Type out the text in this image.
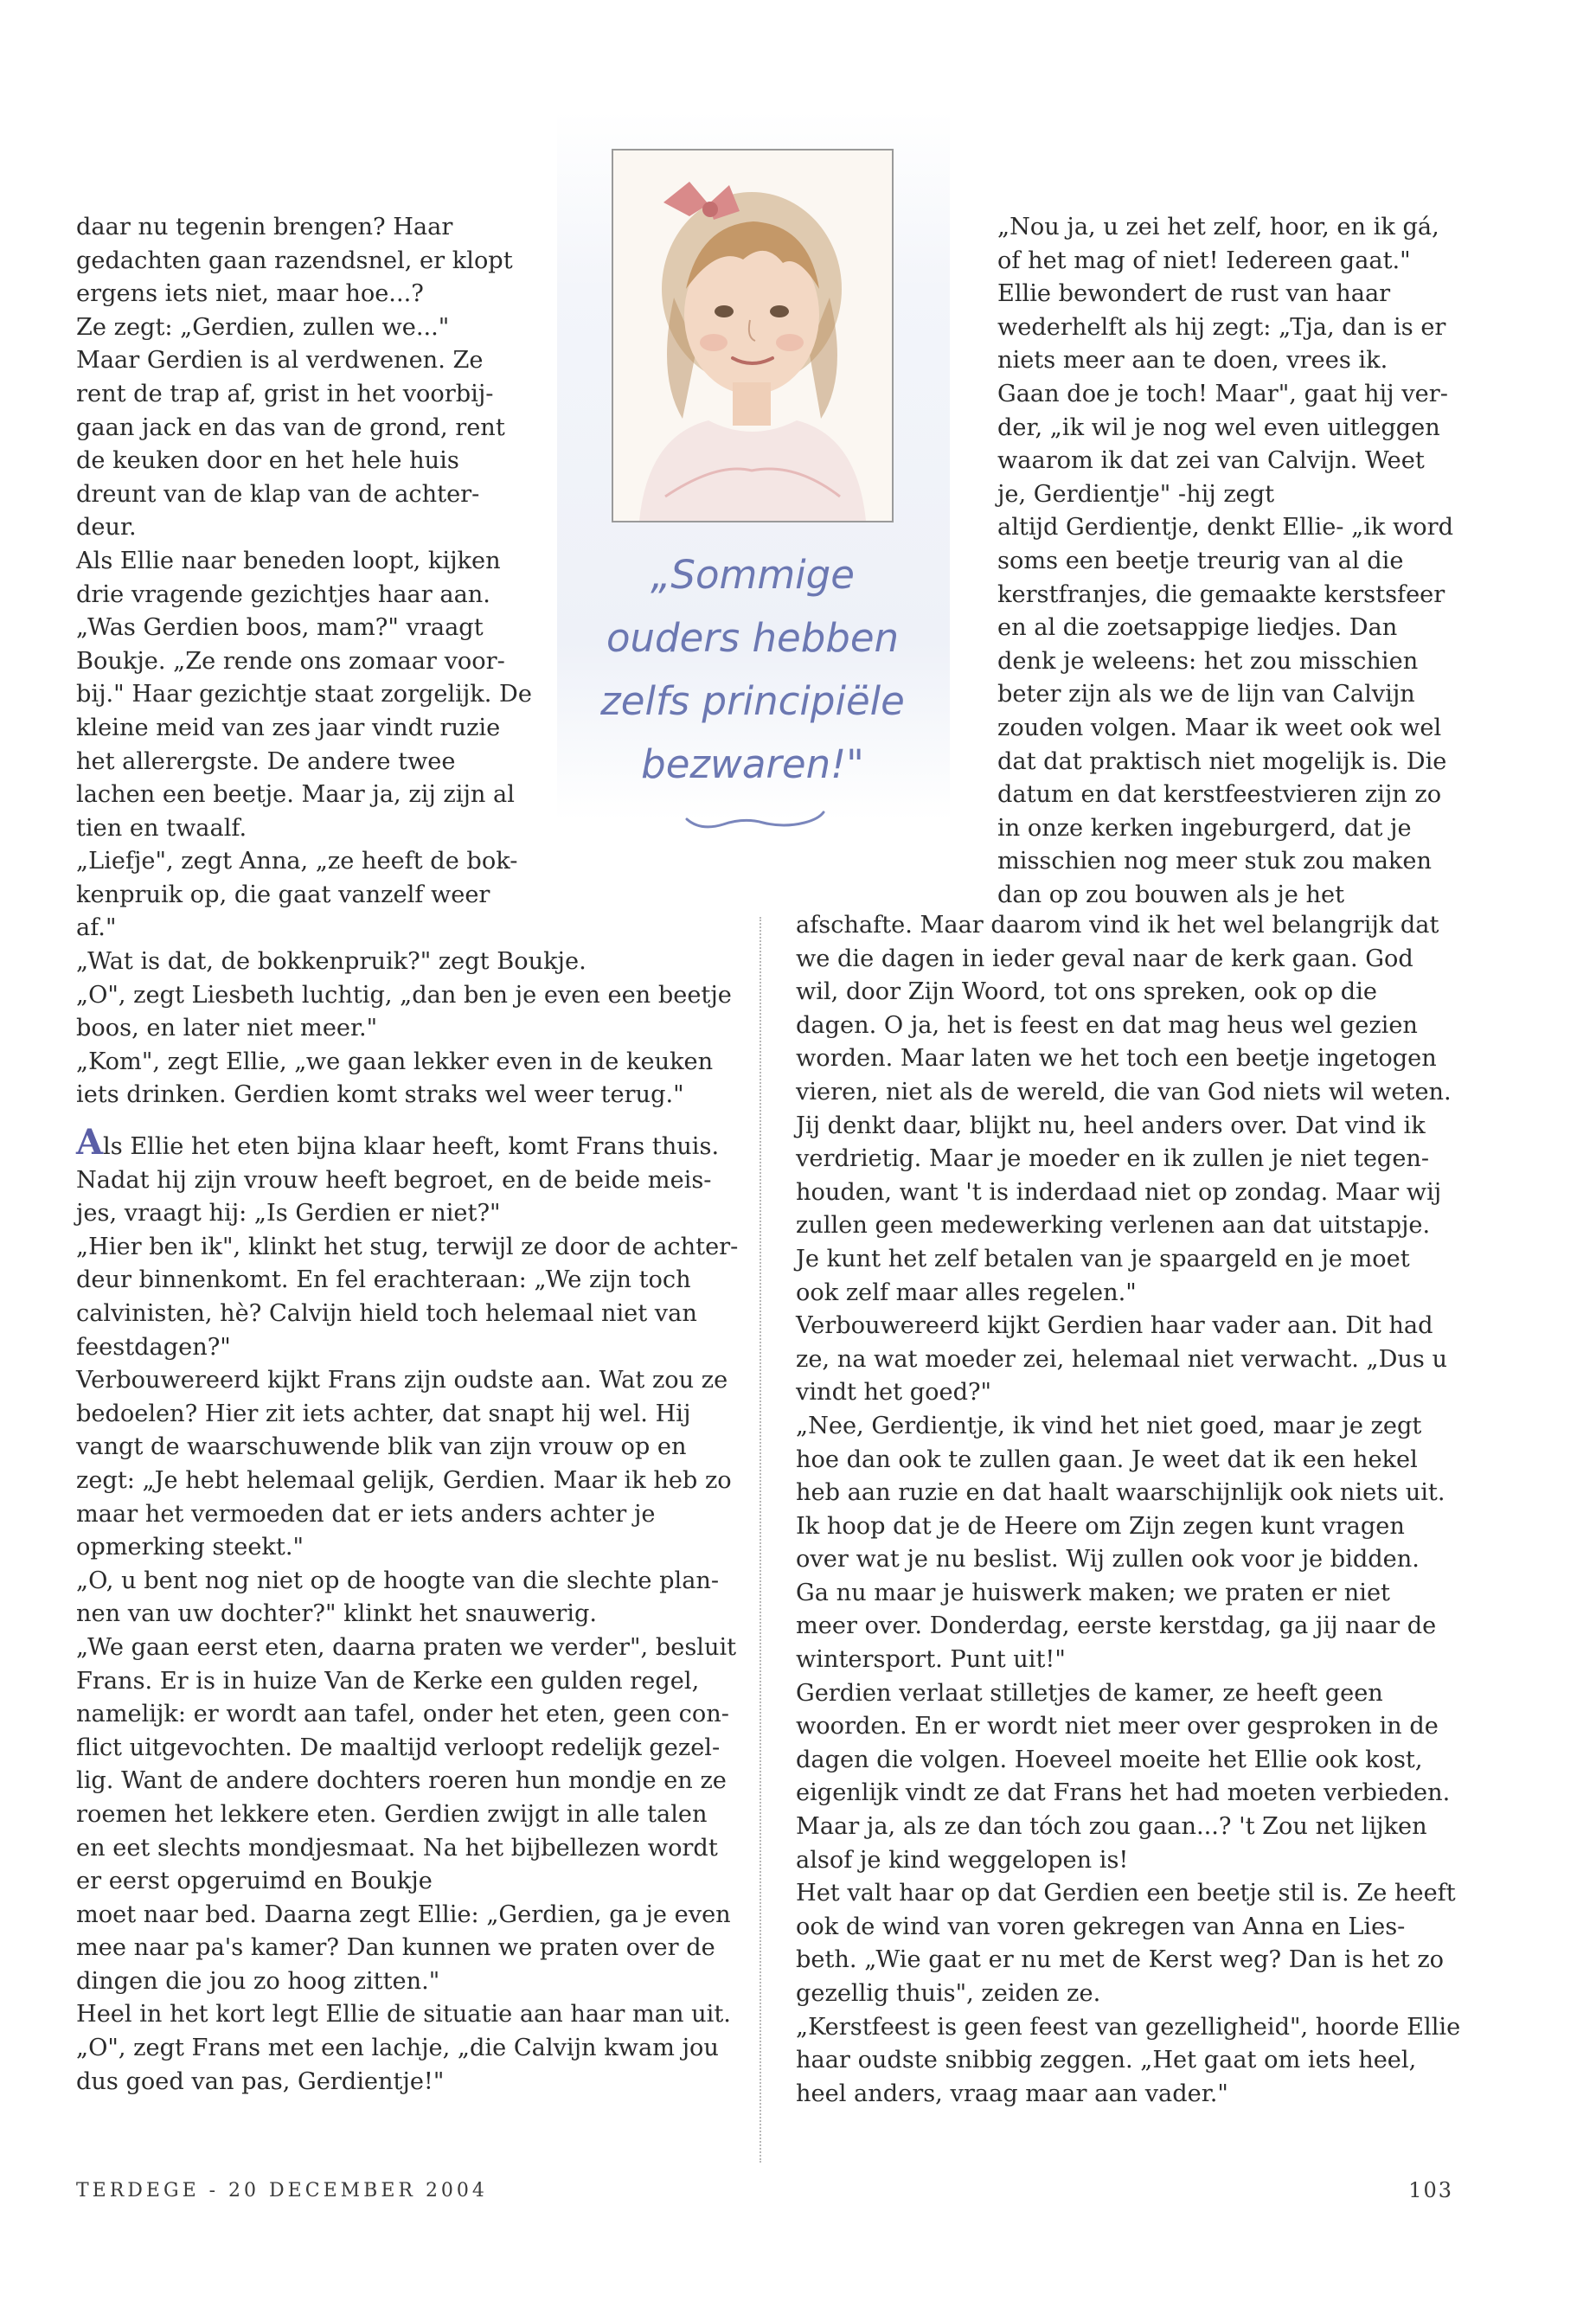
„Sommige
ouders hebben
zelfs principiële
bezwaren!"

daar nu tegenin brengen? Haar
gedachten gaan razendsnel, er klopt
ergens iets niet, maar hoe...?

Ze zegt: „Gerdien, zullen we..."

Maar Gerdien is al verdwenen. Ze
rent de trap af, grist in het voorbij-
gaan jack en das van de grond, rent
de keuken door en het hele huis
dreunt van de klap van de achter-
deur.

Als Ellie naar beneden loopt, kijken
drie vragende gezichtjes haar aan.

„Was Gerdien boos, mam?" vraagt
Boukje. „Ze rende ons zomaar voor-
bij." Haar gezichtje staat zorgelijk. De
kleine meid van zes jaar vindt ruzie
het allerergste. De andere twee
lachen een beetje. Maar ja, zij zijn al
tien en twaalf.

„Liefje", zegt Anna, „ze heeft de bok-
kenpruik op, die gaat vanzelf weer
af."

„Wat is dat, de bokkenpruik?" zegt Boukje.

„O", zegt Liesbeth luchtig, „dan ben je even een beetje
boos, en later niet meer."

„Kom", zegt Ellie, „we gaan lekker even in de keuken
iets drinken. Gerdien komt straks wel weer terug."

Als Ellie het eten bijna klaar heeft, komt Frans thuis.
Nadat hij zijn vrouw heeft begroet, en de beide meis-
jes, vraagt hij: „Is Gerdien er niet?"

„Hier ben ik", klinkt het stug, terwijl ze door de achter-
deur binnenkomt. En fel erachteraan: „We zijn toch
calvinisten, hè? Calvijn hield toch helemaal niet van
feestdagen?"

Verbouwereerd kijkt Frans zijn oudste aan. Wat zou ze
bedoelen? Hier zit iets achter, dat snapt hij wel. Hij
vangt de waarschuwende blik van zijn vrouw op en
zegt: „Je hebt helemaal gelijk, Gerdien. Maar ik heb zo
maar het vermoeden dat er iets anders achter je
opmerking steekt."

„O, u bent nog niet op de hoogte van die slechte plan-
nen van uw dochter?" klinkt het snauwerig.

„We gaan eerst eten, daarna praten we verder", besluit
Frans. Er is in huize Van de Kerke een gulden regel,
namelijk: er wordt aan tafel, onder het eten, geen con-
flict uitgevochten. De maaltijd verloopt redelijk gezel-
lig. Want de andere dochters roeren hun mondje en ze
roemen het lekkere eten. Gerdien zwijgt in alle talen
en eet slechts mondjesmaat. Na het bijbellezen wordt
er eerst opgeruimd en Boukje
moet naar bed. Daarna zegt Ellie: „Gerdien, ga je even
mee naar pa's kamer? Dan kunnen we praten over de
dingen die jou zo hoog zitten."

Heel in het kort legt Ellie de situatie aan haar man uit.

„O", zegt Frans met een lachje, „die Calvijn kwam jou
dus goed van pas, Gerdientje!"

„Nou ja, u zei het zelf, hoor, en ik gá,
of het mag of niet! Iedereen gaat."

Ellie bewondert de rust van haar
wederhelft als hij zegt: „Tja, dan is er
niets meer aan te doen, vrees ik.
Gaan doe je toch! Maar", gaat hij ver-
der, „ik wil je nog wel even uitleggen
waarom ik dat zei van Calvijn. Weet
je, Gerdientje" -hij zegt
altijd Gerdientje, denkt Ellie- „ik word
soms een beetje treurig van al die
kerstfranjes, die gemaakte kerstsfeer
en al die zoetsappige liedjes. Dan
denk je weleens: het zou misschien
beter zijn als we de lijn van Calvijn
zouden volgen. Maar ik weet ook wel
dat dat praktisch niet mogelijk is. Die
datum en dat kerstfeestvieren zijn zo
in onze kerken ingeburgerd, dat je
misschien nog meer stuk zou maken
dan op zou bouwen als je het

afschafte. Maar daarom vind ik het wel belangrijk dat
we die dagen in ieder geval naar de kerk gaan. God
wil, door Zijn Woord, tot ons spreken, ook op die
dagen. O ja, het is feest en dat mag heus wel gezien
worden. Maar laten we het toch een beetje ingetogen
vieren, niet als de wereld, die van God niets wil weten.
Jij denkt daar, blijkt nu, heel anders over. Dat vind ik
verdrietig. Maar je moeder en ik zullen je niet tegen-
houden, want 't is inderdaad niet op zondag. Maar wij
zullen geen medewerking verlenen aan dat uitstapje.
Je kunt het zelf betalen van je spaargeld en je moet
ook zelf maar alles regelen."

Verbouwereerd kijkt Gerdien haar vader aan. Dit had
ze, na wat moeder zei, helemaal niet verwacht. „Dus u
vindt het goed?"

„Nee, Gerdientje, ik vind het niet goed, maar je zegt
hoe dan ook te zullen gaan. Je weet dat ik een hekel
heb aan ruzie en dat haalt waarschijnlijk ook niets uit.
Ik hoop dat je de Heere om Zijn zegen kunt vragen
over wat je nu beslist. Wij zullen ook voor je bidden.
Ga nu maar je huiswerk maken; we praten er niet
meer over. Donderdag, eerste kerstdag, ga jij naar de
wintersport. Punt uit!"

Gerdien verlaat stilletjes de kamer, ze heeft geen
woorden. En er wordt niet meer over gesproken in de
dagen die volgen. Hoeveel moeite het Ellie ook kost,
eigenlijk vindt ze dat Frans het had moeten verbieden.
Maar ja, als ze dan tóch zou gaan...? 't Zou net lijken
alsof je kind weggelopen is!

Het valt haar op dat Gerdien een beetje stil is. Ze heeft
ook de wind van voren gekregen van Anna en Lies-
beth. „Wie gaat er nu met de Kerst weg? Dan is het zo
gezellig thuis", zeiden ze.

„Kerstfeest is geen feest van gezelligheid", hoorde Ellie
haar oudste snibbig zeggen. „Het gaat om iets heel,
heel anders, vraag maar aan vader."

TERDEGE - 20 DECEMBER 2004	103
